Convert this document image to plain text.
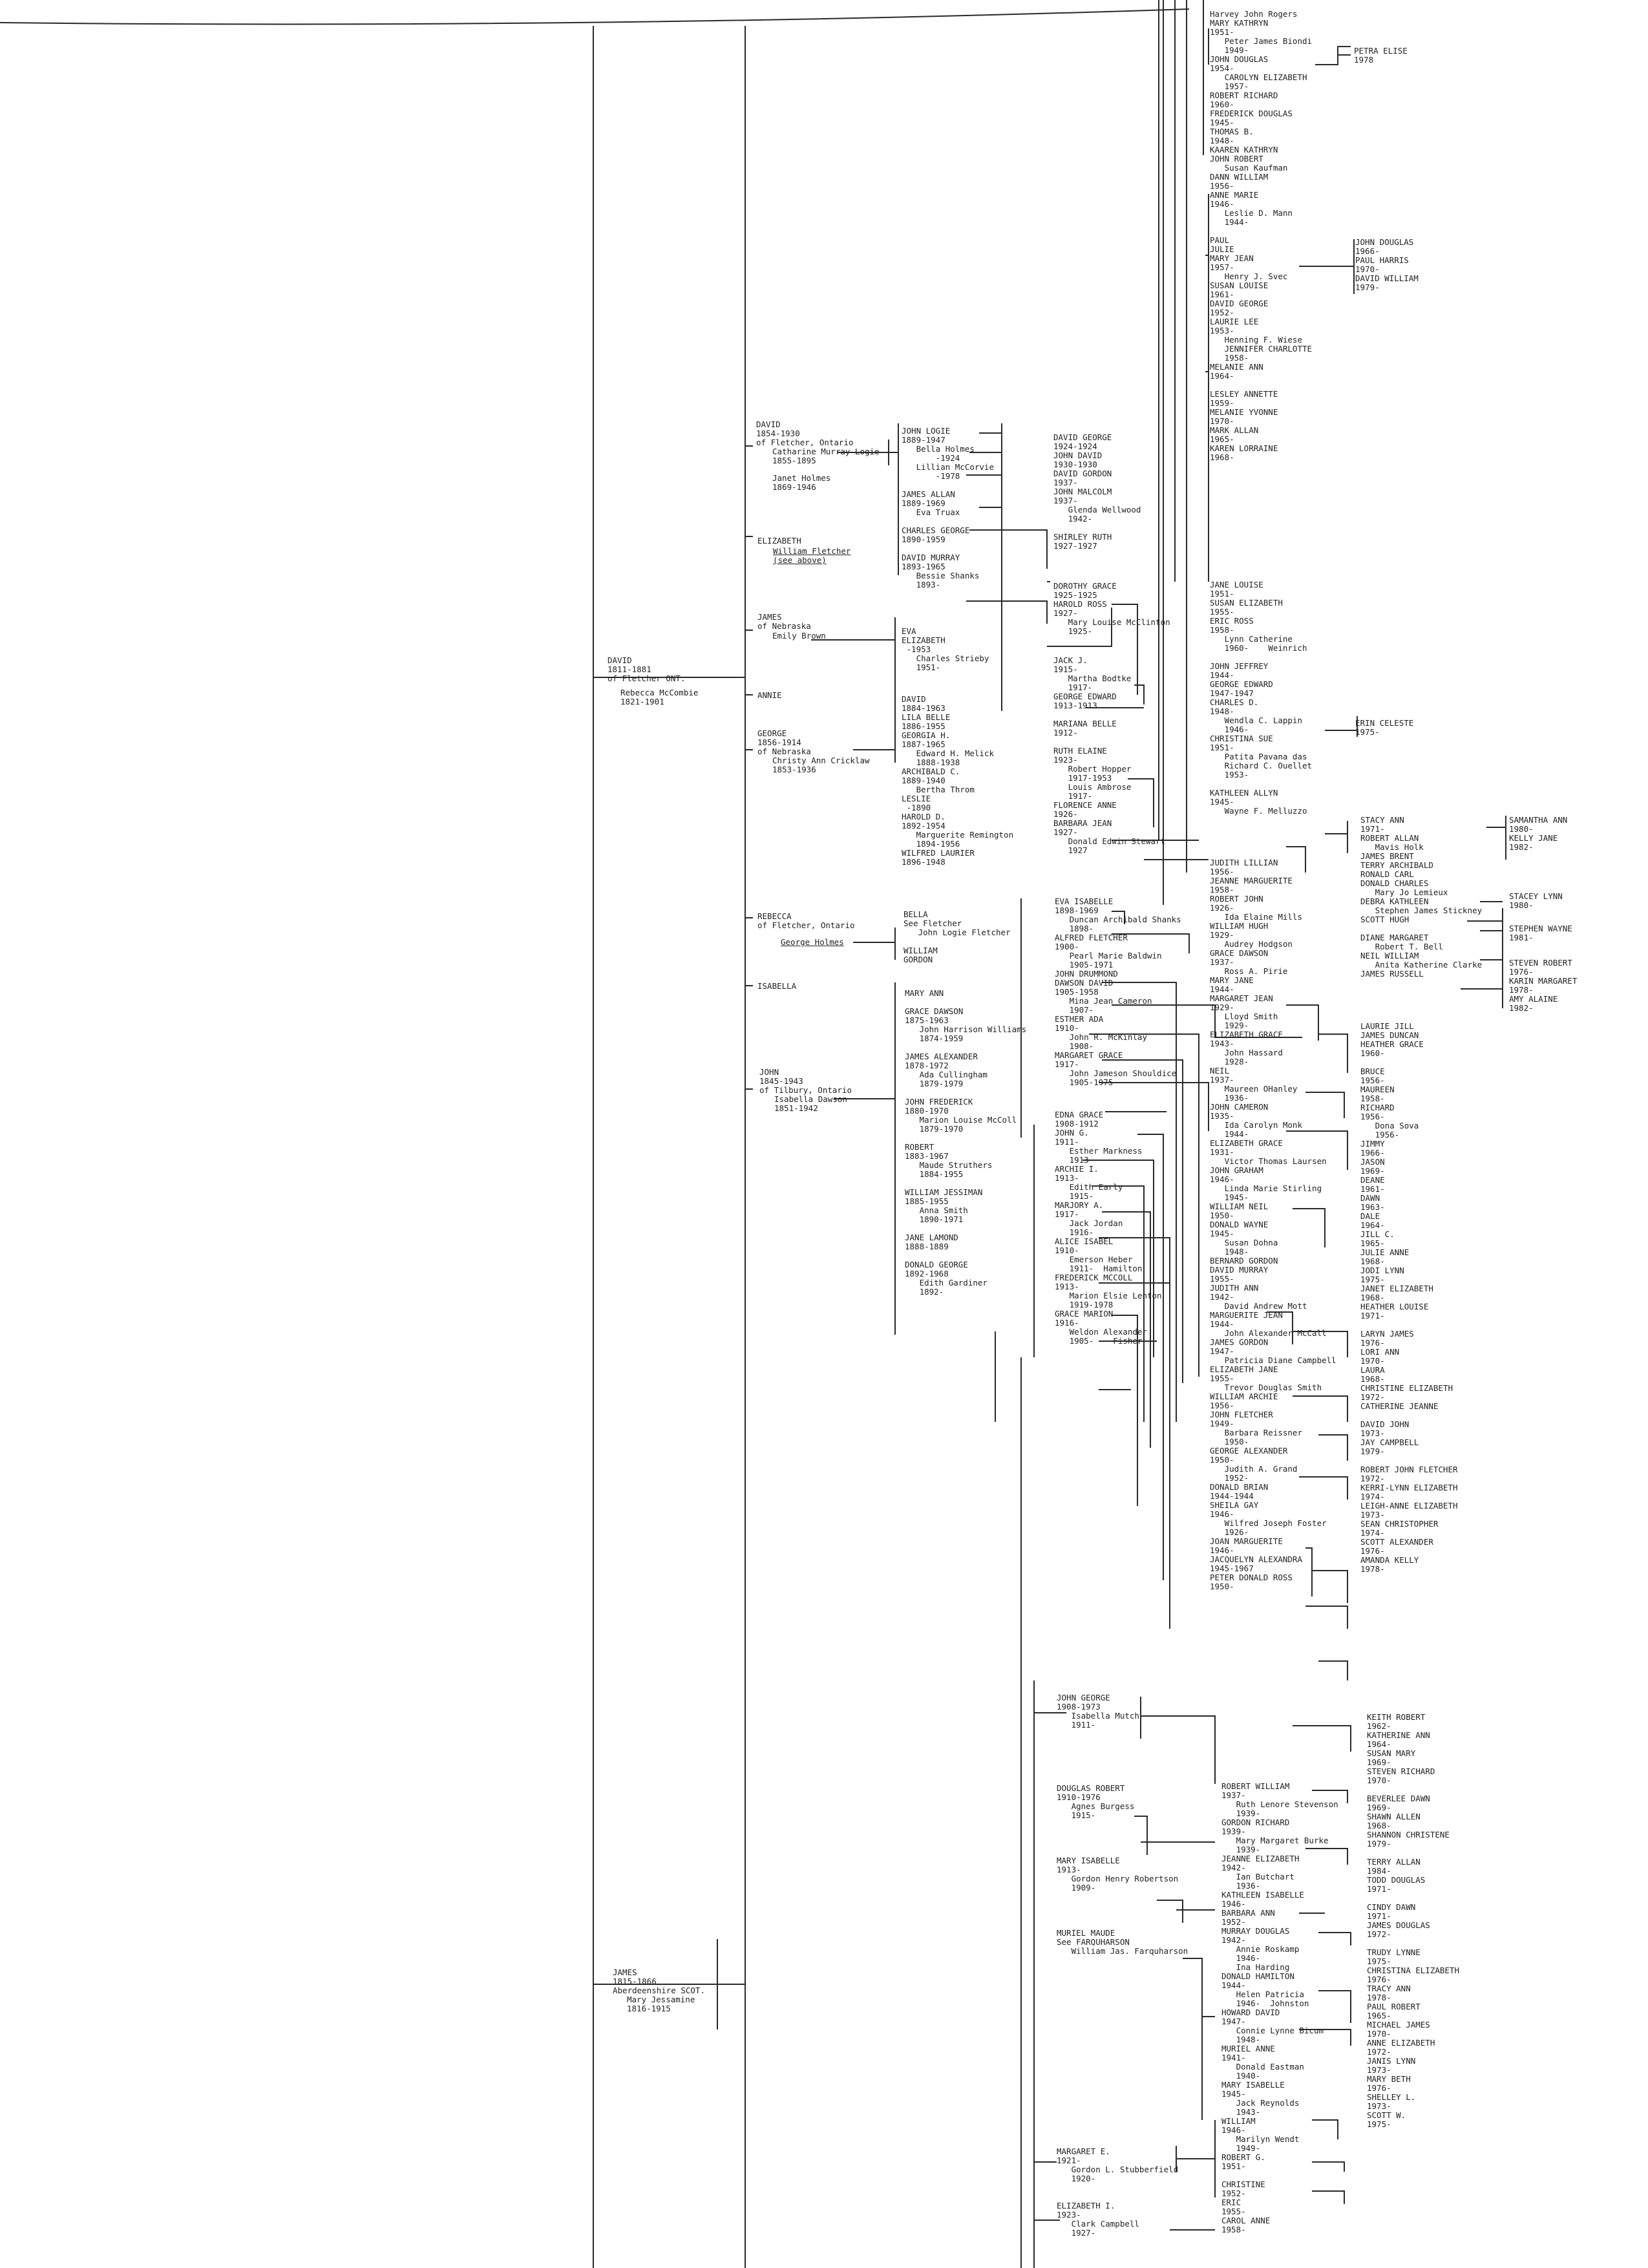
DAVID
1811-1881
of Fletcher ONT.
Rebecca McCombie
1821-1901
JAMES
1815-1866
Aberdeenshire SCOT.
Mary Jessamine
1816-1915
DAVID
1854-1930
of Fletcher, Ontario
Catharine Murray Logie
1855-1895
Janet Holmes
1869-1946
ELIZABETH
William Fletcher
(see above)
JAMES
of Nebraska
Emily Brown
ANNIE
GEORGE
1856-1914
of Nebraska
Christy Ann Cricklaw
1853-1936
REBECCA
of Fletcher, Ontario
George Holmes
ISABELLA
JOHN
1845-1943
of Tilbury, Ontario
Isabella Dawson
1851-1942
JOHN LOGIE
1889-1947
Bella Holmes
-1924
Lillian McCorvie
-1978

JAMES ALLAN
1889-1969
Eva Truax

CHARLES GEORGE
1890-1959

DAVID MURRAY
1893-1965
Bessie Shanks
1893-
EVA
ELIZABETH
-1953
Charles Strieby
1951-
DAVID
1884-1963
LILA BELLE
1886-1955
GEORGIA H.
1887-1965
Edward H. Melick
1888-1938
ARCHIBALD C.
1889-1940
Bertha Throm
LESLIE
-1890
HAROLD D.
1892-1954
Marguerite Remington
1894-1956
WILFRED LAURIER
1896-1948
BELLA
See Fletcher
John Logie Fletcher

WILLIAM
GORDON
MARY ANN

GRACE DAWSON
1875-1963
John Harrison Williams
1874-1959

JAMES ALEXANDER
1878-1972
Ada Cullingham
1879-1979

JOHN FREDERICK
1880-1970
Marion Louise McColl
1879-1970

ROBERT
1883-1967
Maude Struthers
1884-1955

WILLIAM JESSIMAN
1885-1955
Anna Smith
1890-1971

JANE LAMOND
1888-1889

DONALD GEORGE
1892-1968
Edith Gardiner
1892-
DAVID GEORGE
1924-1924
JOHN DAVID
1930-1930
DAVID GORDON
1937-
JOHN MALCOLM
1937-
Glenda Wellwood
1942-

SHIRLEY RUTH
1927-1927
DOROTHY GRACE
1925-1925
HAROLD ROSS
1927-
Mary Louise McClinton
1925-
JACK J.
1915-
Martha Bodtke
1917-
GEORGE EDWARD
1913-1913

MARIANA BELLE
1912-

RUTH ELAINE
1923-
Robert Hopper
1917-1953
Louis Ambrose
1917-
FLORENCE ANNE
1926-
BARBARA JEAN
1927-
Donald Edwin Stewart
1927
EVA ISABELLE
1898-1969
Duncan Archibald Shanks
1898-
ALFRED FLETCHER
1900-
Pearl Marie Baldwin
1905-1971
JOHN DRUMMOND
DAWSON DAVID
1905-1958
Mina Jean Cameron
1907-
ESTHER ADA
1910-
John R. McKinlay
1908-
MARGARET GRACE
1917-
John Jameson Shouldice
1905-1975
EDNA GRACE
1908-1912
JOHN G.
1911-
Esther Markness
1913-
ARCHIE I.
1913-
Edith Early
1915-
MARJORY A.
1917-
Jack Jordan
1916-
ALICE ISABEL
1910-
Emerson Heber
1911-  Hamilton
FREDERICK MCCOLL
1913-
Marion Elsie Lenton
1919-1978
GRACE MARION
1916-
Weldon Alexander
1905-    Fisher
JOHN GEORGE
1908-1973
Isabella Mutch
1911-

DOUGLAS ROBERT
1910-1976
Agnes Burgess
1915-

MARY ISABELLE
1913-
Gordon Henry Robertson
1909-

MURIEL MAUDE
See FARQUHARSON
William Jas. Farquharson
MARGARET E.
1921-
Gordon L. Stubberfield
1920-

ELIZABETH I.
1923-
Clark Campbell
1927-
Harvey John Rogers
MARY KATHRYN
1951-
Peter James Biondi
1949-
JOHN DOUGLAS
1954-
CAROLYN ELIZABETH
1957-
ROBERT RICHARD
1960-
FREDERICK DOUGLAS
1945-
THOMAS B.
1948-
KAAREN KATHRYN
JOHN ROBERT
Susan Kaufman
DANN WILLIAM
1956-
ANNE MARIE
1946-
Leslie D. Mann
1944-

PAUL
JULIE
MARY JEAN
1957-
Henry J. Svec
SUSAN LOUISE
1961-
DAVID GEORGE
1952-
LAURIE LEE
1953-
Henning F. Wiese
JENNIFER CHARLOTTE
1958-
MELANIE ANN
1964-

LESLEY ANNETTE
1959-
MELANIE YVONNE
1970-
MARK ALLAN
1965-
KAREN LORRAINE
1968-
JANE LOUISE
1951-
SUSAN ELIZABETH
1955-
ERIC ROSS
1958-
Lynn Catherine
1960-    Weinrich

JOHN JEFFREY
1944-
GEORGE EDWARD
1947-1947
CHARLES D.
1948-
Wendla C. Lappin
1946-
CHRISTINA SUE
1951-
Patita Pavana das
Richard C. Ouellet
1953-

KATHLEEN ALLYN
1945-
Wayne F. Melluzzo
JUDITH LILLIAN
1956-
JEANNE MARGUERITE
1958-
ROBERT JOHN
1926-
Ida Elaine Mills
WILLIAM HUGH
1929-
Audrey Hodgson
GRACE DAWSON
1937-
Ross A. Pirie
MARY JANE
1944-
MARGARET JEAN
1929-
Lloyd Smith
1929-
ELIZABETH GRACE
1943-
John Hassard
1928-
NEIL
1937-
Maureen OHanley
1936-
JOHN CAMERON
1935-
Ida Carolyn Monk
1944-
ELIZABETH GRACE
1931-
Victor Thomas Laursen
JOHN GRAHAM
1946-
Linda Marie Stirling
1945-
WILLIAM NEIL
1950-
DONALD WAYNE
1945-
Susan Dohna
1948-
BERNARD GORDON
DAVID MURRAY
1955-
JUDITH ANN
1942-
David Andrew Mott
MARGUERITE JEAN
1944-
John Alexander McCall
JAMES GORDON
1947-
Patricia Diane Campbell
ELIZABETH JANE
1955-
Trevor Douglas Smith
WILLIAM ARCHIE
1956-
JOHN FLETCHER
1949-
Barbara Reissner
1950-
GEORGE ALEXANDER
1950-
Judith A. Grand
1952-
DONALD BRIAN
1944-1944
SHEILA GAY
1946-
Wilfred Joseph Foster
1926-
JOAN MARGUERITE
1946-
JACQUELYN ALEXANDRA
1945-1967
PETER DONALD ROSS
1950-
ROBERT WILLIAM
1937-
Ruth Lenore Stevenson
1939-
GORDON RICHARD
1939-
Mary Margaret Burke
1939-
JEANNE ELIZABETH
1942-
Ian Butchart
1936-
KATHLEEN ISABELLE
1946-
BARBARA ANN
1952-
MURRAY DOUGLAS
1942-
Annie Roskamp
1946-
Ina Harding
DONALD HAMILTON
1944-
Helen Patricia
1946-  Johnston
HOWARD DAVID
1947-
Connie Lynne Bicum
1948-
MURIEL ANNE
1941-
Donald Eastman
1940-
MARY ISABELLE
1945-
Jack Reynolds
1943-
WILLIAM
1946-
Marilyn Wendt
1949-
ROBERT G.
1951-

CHRISTINE
1952-
ERIC
1955-
CAROL ANNE
1958-
PETRA ELISE
1978
JOHN DOUGLAS
1966-
PAUL HARRIS
1970-
DAVID WILLIAM
1979-
ERIN CELESTE
1975-
STACY ANN
1971-
ROBERT ALLAN
Mavis Holk
JAMES BRENT
TERRY ARCHIBALD
RONALD CARL
DONALD CHARLES
Mary Jo Lemieux
DEBRA KATHLEEN
Stephen James Stickney
SCOTT HUGH

DIANE MARGARET
Robert T. Bell
NEIL WILLIAM
Anita Katherine Clarke
JAMES RUSSELL
LAURIE JILL
JAMES DUNCAN
HEATHER GRACE
1960-

BRUCE
1956-
MAUREEN
1958-
RICHARD
1956-
Dona Sova
1956-
JIMMY
1966-
JASON
1969-
DEANE
1961-
DAWN
1963-
DALE
1964-
JILL C.
1965-
JULIE ANNE
1968-
JODI LYNN
1975-
JANET ELIZABETH
1968-
HEATHER LOUISE
1971-

LARYN JAMES
1976-
LORI ANN
1970-
LAURA
1968-
CHRISTINE ELIZABETH
1972-
CATHERINE JEANNE

DAVID JOHN
1973-
JAY CAMPBELL
1979-

ROBERT JOHN FLETCHER
1972-
KERRI-LYNN ELIZABETH
1974-
LEIGH-ANNE ELIZABETH
1973-
SEAN CHRISTOPHER
1974-
SCOTT ALEXANDER
1976-
AMANDA KELLY
1978-
KEITH ROBERT
1962-
KATHERINE ANN
1964-
SUSAN MARY
1969-
STEVEN RICHARD
1970-

BEVERLEE DAWN
1969-
SHAWN ALLEN
1968-
SHANNON CHRISTENE
1979-

TERRY ALLAN
1984-
TODD DOUGLAS
1971-

CINDY DAWN
1971-
JAMES DOUGLAS
1972-

TRUDY LYNNE
1975-
CHRISTINA ELIZABETH
1976-
TRACY ANN
1978-
PAUL ROBERT
1965-
MICHAEL JAMES
1970-
ANNE ELIZABETH
1972-
JANIS LYNN
1973-
MARY BETH
1976-
SHELLEY L.
1973-
SCOTT W.
1975-
SAMANTHA ANN
1980-
KELLY JANE
1982-
STACEY LYNN
1980-
STEPHEN WAYNE
1981-
STEVEN ROBERT
1976-
KARIN MARGARET
1978-
AMY ALAINE
1982-
